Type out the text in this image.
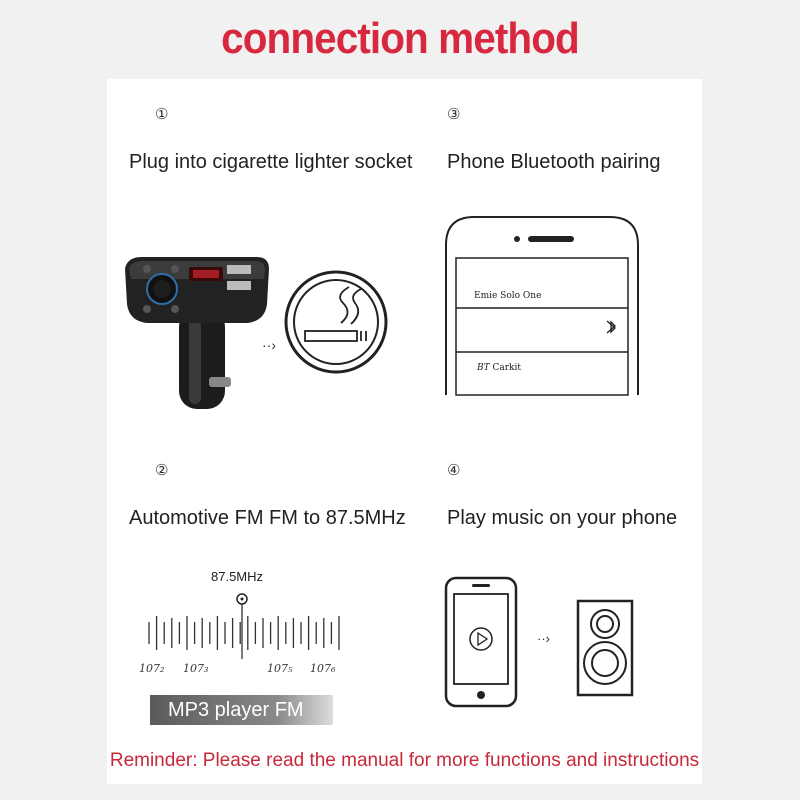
connection method
①
Plug into cigarette lighter socket
··›
③
Phone Bluetooth pairing
Emie Solo One
BT Carkit
②
Automotive FM FM to 87.5MHz
87.5MHz
107₂ 107₃	107₅ 107₆
MP3 player FM
④
Play music on your phone
··›
Reminder: Please read the manual for more functions and instructions
